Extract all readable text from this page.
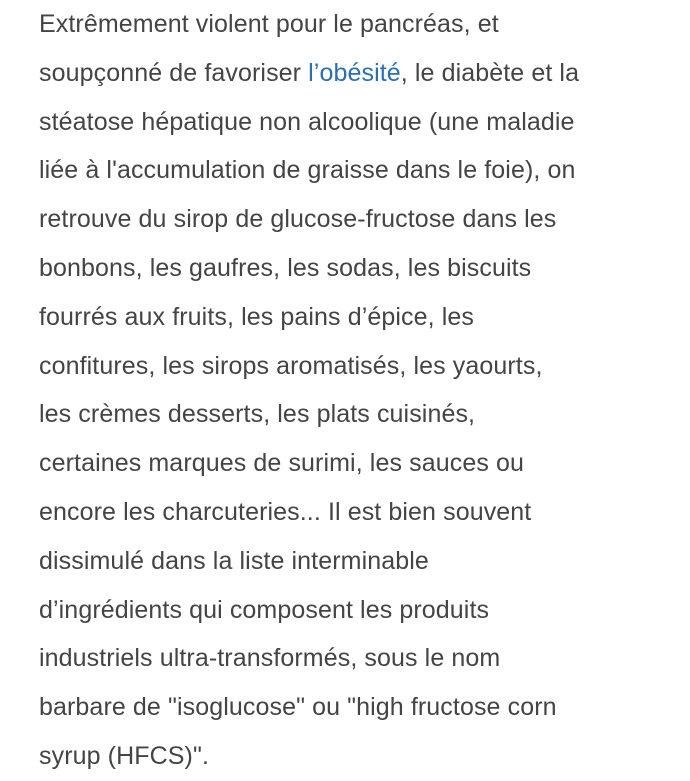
Extrêmement violent pour le pancréas, et
soupçonné de favoriser l’obésité, le diabète et la
stéatose hépatique non alcoolique (une maladie
liée à l'accumulation de graisse dans le foie), on
retrouve du sirop de glucose-fructose dans les
bonbons, les gaufres, les sodas, les biscuits
fourrés aux fruits, les pains d’épice, les
confitures, les sirops aromatisés, les yaourts,
les crèmes desserts, les plats cuisinés,
certaines marques de surimi, les sauces ou
encore les charcuteries... Il est bien souvent
dissimulé dans la liste interminable
d’ingrédients qui composent les produits
industriels ultra-transformés, sous le nom
barbare de "isoglucose" ou "high fructose corn
syrup (HFCS)".
